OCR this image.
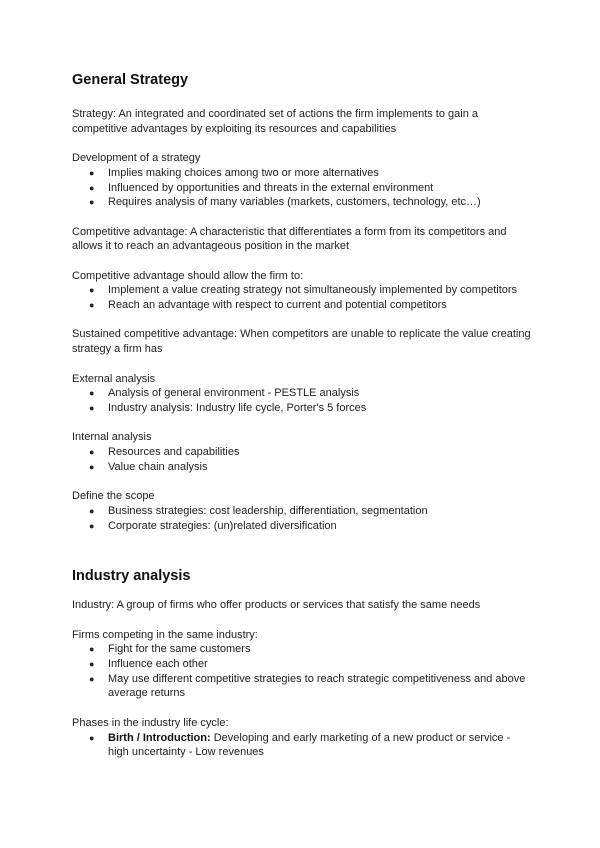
General Strategy

Strategy: An integrated and coordinated set of actions the firm implements to gain a competitive advantages by exploiting its resources and capabilities

Development of a strategy

● Implies making choices among two or more alternatives
● Influenced by opportunities and threats in the external environment
● Requires analysis of many variables (markets, customers, technology, etc…)

Competitive advantage: A characteristic that differentiates a form from its competitors and allows it to reach an advantageous position in the market

Competitive advantage should allow the firm to:

● Implement a value creating strategy not simultaneously implemented by competitors
● Reach an advantage with respect to current and potential competitors

Sustained competitive advantage: When competitors are unable to replicate the value creating strategy a firm has

External analysis

● Analysis of general environment - PESTLE analysis
● Industry analysis: Industry life cycle, Porter's 5 forces

Internal analysis

● Resources and capabilities
● Value chain analysis

Define the scope

● Business strategies: cost leadership, differentiation, segmentation
● Corporate strategies: (un)related diversification
Industry analysis

Industry: A group of firms who offer products or services that satisfy the same needs

Firms competing in the same industry:

● Fight for the same customers
● Influence each other
● May use different competitive strategies to reach strategic competitiveness and above average returns

Phases in the industry life cycle:

● Birth / Introduction: Developing and early marketing of a new product or service - high uncertainty - Low revenues
